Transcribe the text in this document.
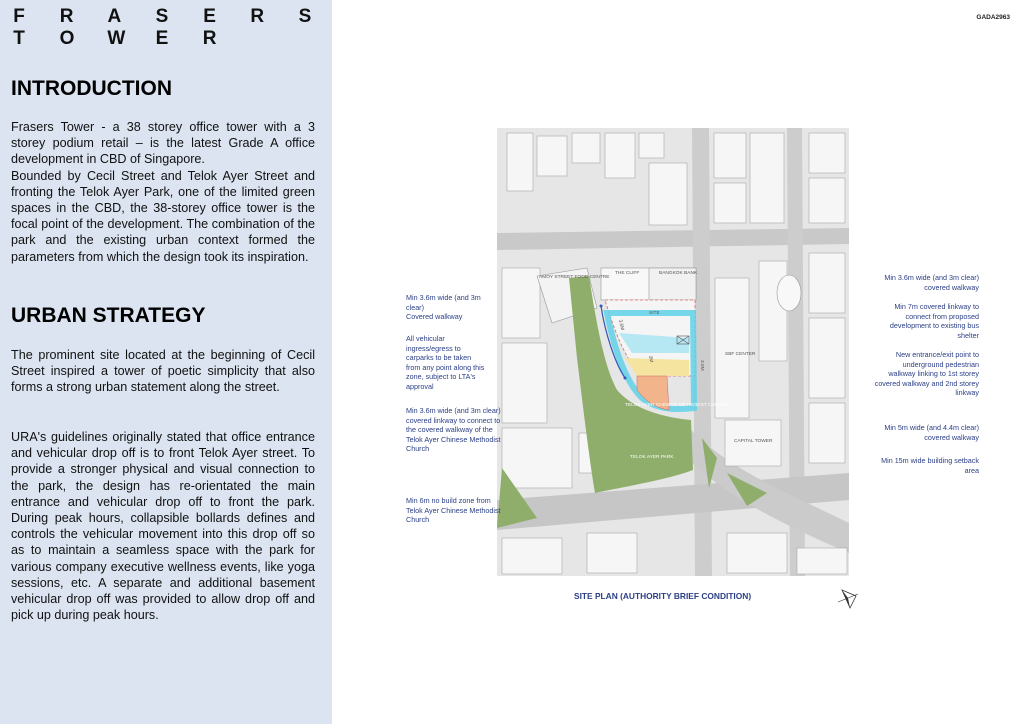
F R A S E R S
T O W E R
INTRODUCTION

Frasers Tower - a 38 storey office tower with a 3 storey podium retail – is the latest Grade A office development in CBD of Singapore.
Bounded by Cecil Street and Telok Ayer Street and fronting the Telok Ayer Park, one of the limited green spaces in the CBD, the 38-storey office tower is the focal point of the development. The combination of the park and the existing urban context formed the parameters from which the design took its inspiration.

URBAN STRATEGY

The prominent site located at the beginning of Cecil Street inspired a tower of poetic simplicity that also forms a strong urban statement along the street.

URA's guidelines originally stated that office entrance and vehicular drop off is to front Telok Ayer street. To provide a stronger physical and visual connection to the park, the design has re-orientated the main entrance and vehicular drop off to front the park. During peak hours, collapsible bollards defines and controls the vehicular movement into this drop off so as to maintain a seamless space with the park for various company executive wellness events, like yoga sessions, etc. A separate and additional basement vehicular drop off was provided to allow drop off and pick up during peak hours.

GADA2963
AMOY STREET FOOD CENTRE
THE CLIFF	BANGKOK BANK
SITE
TELOK AYER CHINESE METHODIST CHURCH
TELOK AYER PARK
SBF CENTER
CAPITAL TOWER
3.6M
3M
3.6M
Min 3.6m wide (and 3m
clear)
Covered walkway
All vehicular
ingress/egress to
carparks to be taken
from any point along this
zone, subject to LTA's
approval
Min 3.6m wide (and 3m clear)
covered linkway to connect to
the covered walkway of the
Telok Ayer Chinese Methodist
Church
Min 6m no build zone from
Telok Ayer Chinese Methodist
Church
Min 3.6m wide (and 3m clear)
covered walkway
Min 7m covered linkway to
connect from proposed
development to existing bus
shelter
New entrance/exit point to
underground pedestrian
walkway linking to 1st storey
covered walkway and 2nd storey
linkway
Min 5m wide (and 4.4m clear)
covered walkway
Min 15m wide building setback
area
SITE PLAN (AUTHORITY BRIEF CONDITION)
